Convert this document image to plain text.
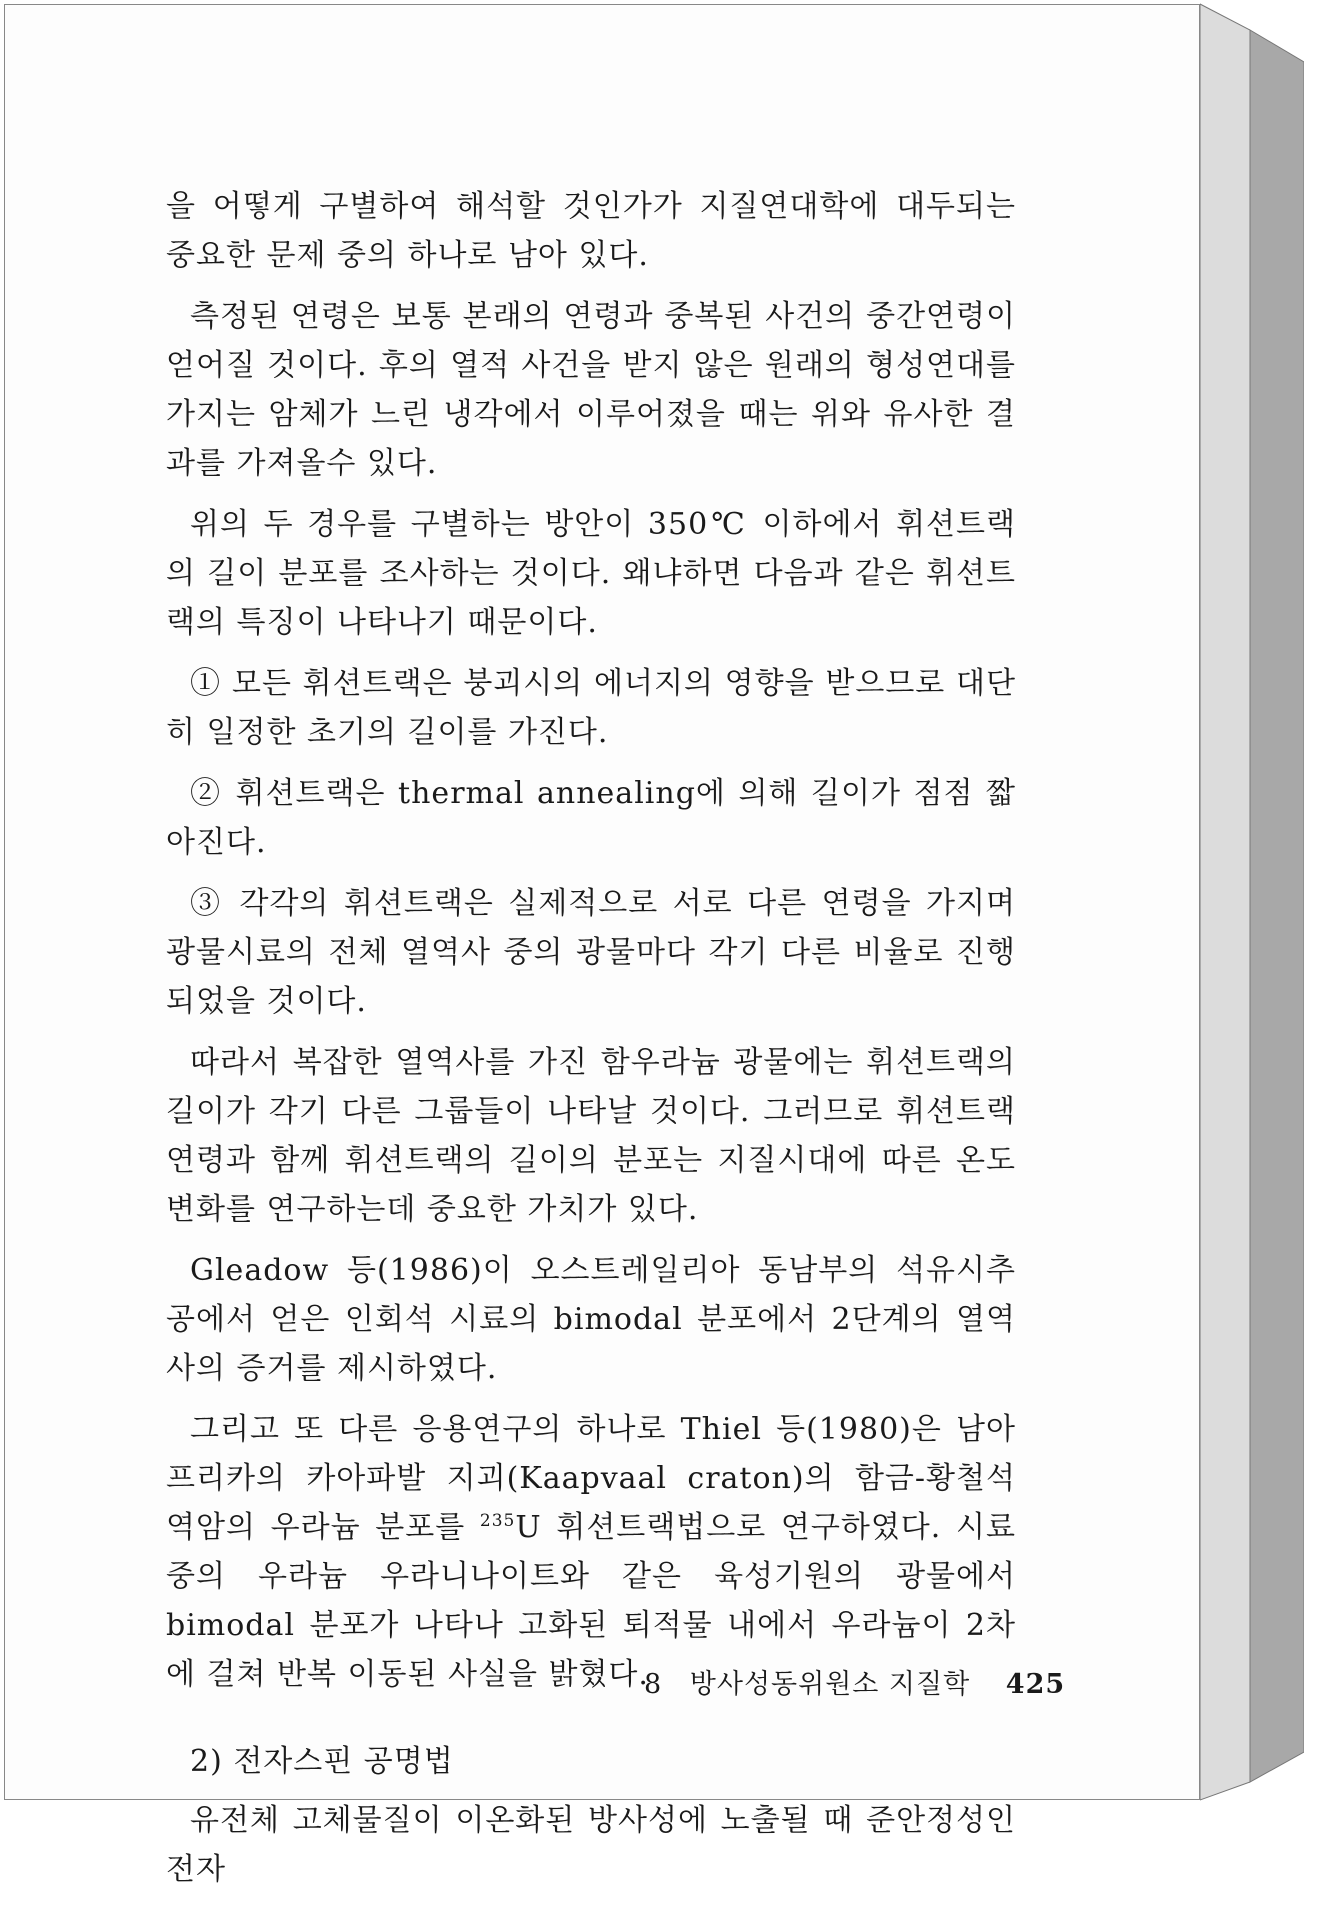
을 어떻게 구별하여 해석할 것인가가 지질연대학에 대두되는 중요한 문제 중의 하나로 남아 있다.

측정된 연령은 보통 본래의 연령과 중복된 사건의 중간연령이 얻어질 것이다. 후의 열적 사건을 받지 않은 원래의 형성연대를 가지는 암체가 느린 냉각에서 이루어졌을 때는 위와 유사한 결과를 가져올수 있다.

위의 두 경우를 구별하는 방안이 350℃ 이하에서 휘션트랙의 길이 분포를 조사하는 것이다. 왜냐하면 다음과 같은 휘션트랙의 특징이 나타나기 때문이다.

① 모든 휘션트랙은 붕괴시의 에너지의 영향을 받으므로 대단히 일정한 초기의 길이를 가진다.

② 휘션트랙은 thermal annealing에 의해 길이가 점점 짧아진다.

③ 각각의 휘션트랙은 실제적으로 서로 다른 연령을 가지며 광물시료의 전체 열역사 중의 광물마다 각기 다른 비율로 진행되었을 것이다.

따라서 복잡한 열역사를 가진 함우라늄 광물에는 휘션트랙의 길이가 각기 다른 그룹들이 나타날 것이다. 그러므로 휘션트랙 연령과 함께 휘션트랙의 길이의 분포는 지질시대에 따른 온도변화를 연구하는데 중요한 가치가 있다.

Gleadow 등(1986)이 오스트레일리아 동남부의 석유시추공에서 얻은 인회석 시료의 bimodal 분포에서 2단계의 열역사의 증거를 제시하였다.

그리고 또 다른 응용연구의 하나로 Thiel 등(1980)은 남아프리카의 카아파발 지괴(Kaapvaal craton)의 함금-황철석 역암의 우라늄 분포를 $^{235}$U 휘션트랙법으로 연구하였다. 시료 중의 우라늄 우라니나이트와 같은 육성기원의 광물에서 bimodal 분포가 나타나 고화된 퇴적물 내에서 우라늄이 2차에 걸쳐 반복 이동된 사실을 밝혔다.

2) 전자스핀 공명법

유전체 고체물질이 이온화된 방사성에 노출될 때 준안정성인 전자

8 방사성동위원소 지질학 425
